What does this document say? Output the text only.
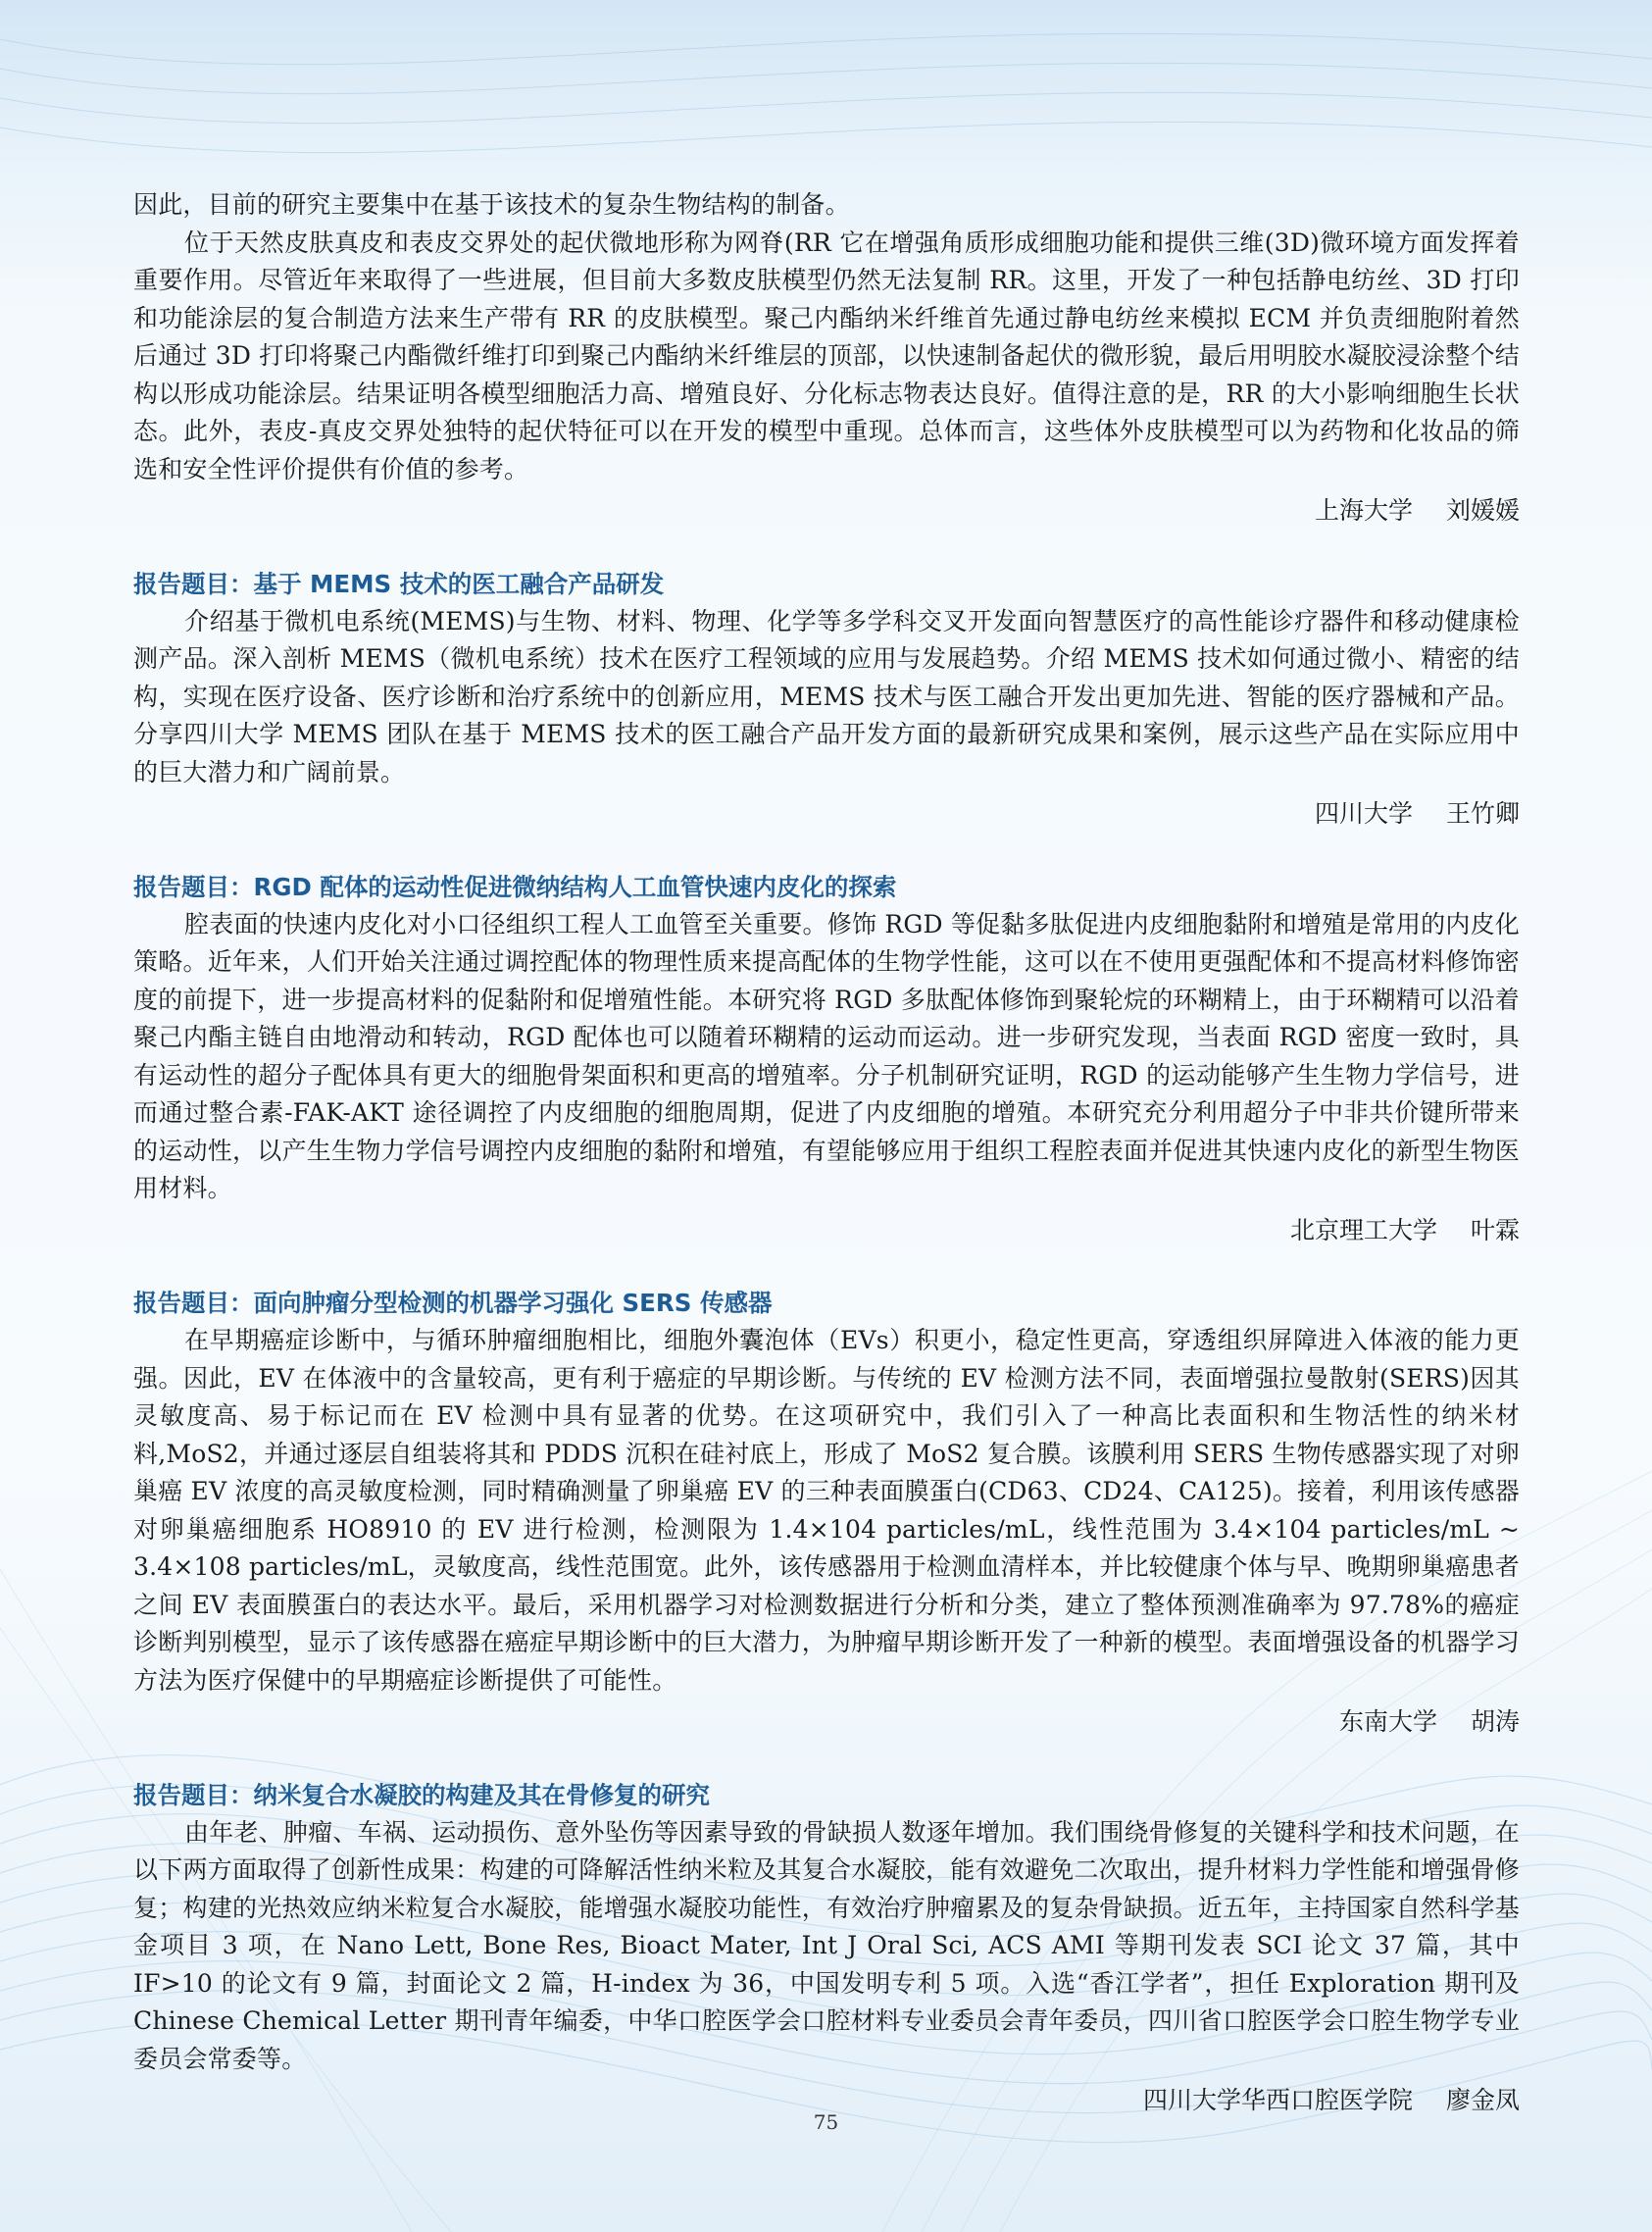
因此，目前的研究主要集中在基于该技术的复杂生物结构的制备。

位于天然皮肤真皮和表皮交界处的起伏微地形称为网脊(RR 它在增强角质形成细胞功能和提供三维(3D)微环境方面发挥着重要作用。尽管近年来取得了一些进展，但目前大多数皮肤模型仍然无法复制 RR。这里，开发了一种包括静电纺丝、3D 打印和功能涂层的复合制造方法来生产带有 RR 的皮肤模型。聚己内酯纳米纤维首先通过静电纺丝来模拟 ECM 并负责细胞附着然后通过 3D 打印将聚己内酯微纤维打印到聚己内酯纳米纤维层的顶部，以快速制备起伏的微形貌，最后用明胶水凝胶浸涂整个结构以形成功能涂层。结果证明各模型细胞活力高、增殖良好、分化标志物表达良好。值得注意的是，RR 的大小影响细胞生长状态。此外，表皮-真皮交界处独特的起伏特征可以在开发的模型中重现。总体而言，这些体外皮肤模型可以为药物和化妆品的筛选和安全性评价提供有价值的参考。

上海大学 刘媛媛

报告题目：基于 MEMS 技术的医工融合产品研发

介绍基于微机电系统(MEMS)与生物、材料、物理、化学等多学科交叉开发面向智慧医疗的高性能诊疗器件和移动健康检测产品。深入剖析 MEMS（微机电系统）技术在医疗工程领域的应用与发展趋势。介绍 MEMS 技术如何通过微小、精密的结构，实现在医疗设备、医疗诊断和治疗系统中的创新应用，MEMS 技术与医工融合开发出更加先进、智能的医疗器械和产品。分享四川大学 MEMS 团队在基于 MEMS 技术的医工融合产品开发方面的最新研究成果和案例，展示这些产品在实际应用中的巨大潜力和广阔前景。

四川大学 王竹卿

报告题目：RGD 配体的运动性促进微纳结构人工血管快速内皮化的探索

腔表面的快速内皮化对小口径组织工程人工血管至关重要。修饰 RGD 等促黏多肽促进内皮细胞黏附和增殖是常用的内皮化策略。近年来，人们开始关注通过调控配体的物理性质来提高配体的生物学性能，这可以在不使用更强配体和不提高材料修饰密度的前提下，进一步提高材料的促黏附和促增殖性能。本研究将 RGD 多肽配体修饰到聚轮烷的环糊精上，由于环糊精可以沿着聚己内酯主链自由地滑动和转动，RGD 配体也可以随着环糊精的运动而运动。进一步研究发现，当表面 RGD 密度一致时，具有运动性的超分子配体具有更大的细胞骨架面积和更高的增殖率。分子机制研究证明，RGD 的运动能够产生生物力学信号，进而通过整合素-FAK-AKT 途径调控了内皮细胞的细胞周期，促进了内皮细胞的增殖。本研究充分利用超分子中非共价键所带来的运动性，以产生生物力学信号调控内皮细胞的黏附和增殖，有望能够应用于组织工程腔表面并促进其快速内皮化的新型生物医用材料。

北京理工大学 叶霖

报告题目：面向肿瘤分型检测的机器学习强化 SERS 传感器

在早期癌症诊断中，与循环肿瘤细胞相比，细胞外囊泡体（EVs）积更小，稳定性更高，穿透组织屏障进入体液的能力更强。因此，EV 在体液中的含量较高，更有利于癌症的早期诊断。与传统的 EV 检测方法不同，表面增强拉曼散射(SERS)因其灵敏度高、易于标记而在 EV 检测中具有显著的优势。在这项研究中，我们引入了一种高比表面积和生物活性的纳米材料,MoS2，并通过逐层自组装将其和 PDDS 沉积在硅衬底上，形成了 MoS2 复合膜。该膜利用 SERS 生物传感器实现了对卵巢癌 EV 浓度的高灵敏度检测，同时精确测量了卵巢癌 EV 的三种表面膜蛋白(CD63、CD24、CA125)。接着，利用该传感器对卵巢癌细胞系 HO8910 的 EV 进行检测，检测限为 1.4×104 particles/mL，线性范围为 3.4×104 particles/mL ~ 3.4×108 particles/mL，灵敏度高，线性范围宽。此外，该传感器用于检测血清样本，并比较健康个体与早、晚期卵巢癌患者之间 EV 表面膜蛋白的表达水平。最后，采用机器学习对检测数据进行分析和分类，建立了整体预测准确率为 97.78%的癌症诊断判别模型，显示了该传感器在癌症早期诊断中的巨大潜力，为肿瘤早期诊断开发了一种新的模型。表面增强设备的机器学习方法为医疗保健中的早期癌症诊断提供了可能性。

东南大学 胡涛

报告题目：纳米复合水凝胶的构建及其在骨修复的研究

由年老、肿瘤、车祸、运动损伤、意外坠伤等因素导致的骨缺损人数逐年增加。我们围绕骨修复的关键科学和技术问题，在以下两方面取得了创新性成果：构建的可降解活性纳米粒及其复合水凝胶，能有效避免二次取出，提升材料力学性能和增强骨修复；构建的光热效应纳米粒复合水凝胶，能增强水凝胶功能性，有效治疗肿瘤累及的复杂骨缺损。近五年，主持国家自然科学基金项目 3 项，在 Nano Lett, Bone Res, Bioact Mater, Int J Oral Sci, ACS AMI 等期刊发表 SCI 论文 37 篇，其中 IF>10 的论文有 9 篇，封面论文 2 篇，H-index 为 36，中国发明专利 5 项。入选“香江学者”，担任 Exploration 期刊及 Chinese Chemical Letter 期刊青年编委，中华口腔医学会口腔材料专业委员会青年委员，四川省口腔医学会口腔生物学专业委员会常委等。

四川大学华西口腔医学院 廖金凤

75
